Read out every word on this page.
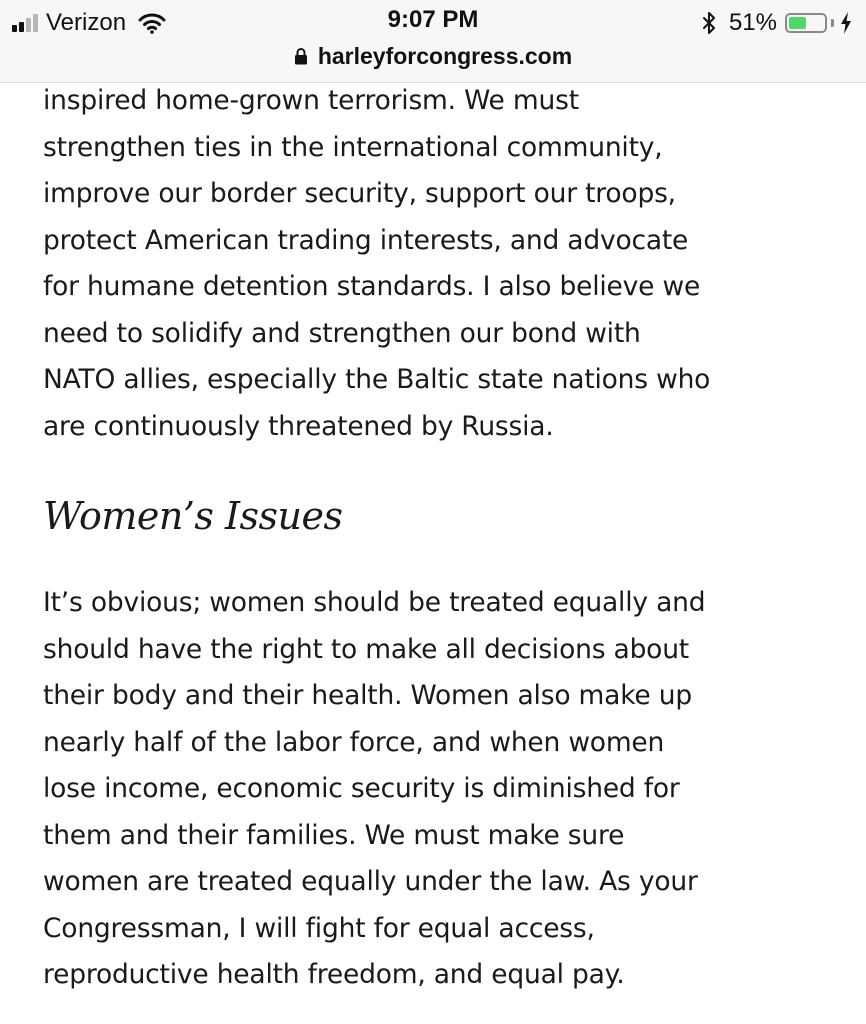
Verizon	9:07 PM	51%
harleyforcongress.com

inspired home-grown terrorism. We must
strengthen ties in the international community,
improve our border security, support our troops,
protect American trading interests, and advocate
for humane detention standards. I also believe we
need to solidify and strengthen our bond with
NATO allies, especially the Baltic state nations who
are continuously threatened by Russia.

Women’s Issues

It’s obvious; women should be treated equally and
should have the right to make all decisions about
their body and their health. Women also make up
nearly half of the labor force, and when women
lose income, economic security is diminished for
them and their families. We must make sure
women are treated equally under the law. As your
Congressman, I will fight for equal access,
reproductive health freedom, and equal pay.
